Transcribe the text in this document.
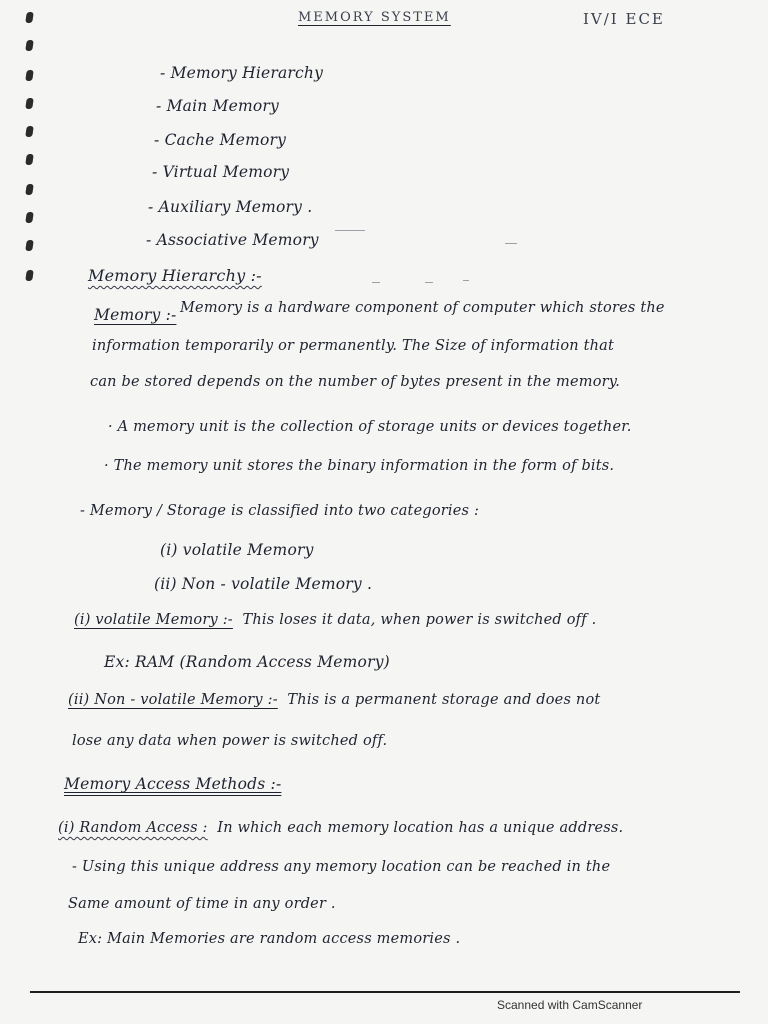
MEMORY SYSTEM	IV/I ECE
- Memory Hierarchy
- Main Memory
- Cache Memory
- Virtual Memory
- Auxiliary Memory .
- Associative Memory
Memory Hierarchy :-
Memory :- Memory is a hardware component of computer which stores the
information temporarily or permanently. The Size of information that
can be stored depends on the number of bytes present in the memory.
· A memory unit is the collection of storage units or devices together.
· The memory unit stores the binary information in the form of bits.
- Memory / Storage is classified into two categories :
(i) volatile Memory
(ii) Non - volatile Memory .
(i) volatile Memory :- This loses it data, when power is switched off .
Ex: RAM (Random Access Memory)
(ii) Non - volatile Memory :- This is a permanent storage and does not
lose any data when power is switched off.
Memory Access Methods :-
(i) Random Access : In which each memory location has a unique address.
- Using this unique address any memory location can be reached in the
Same amount of time in any order .
Ex: Main Memories are random access memories .
Scanned with CamScanner
